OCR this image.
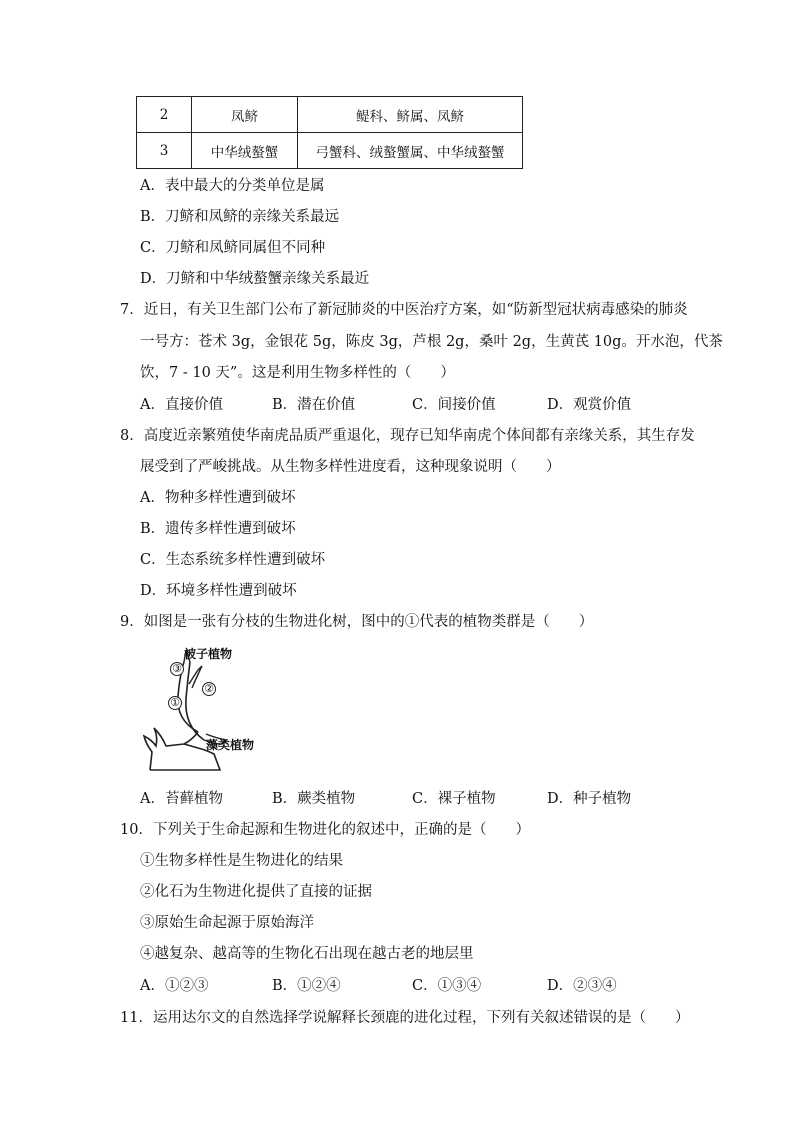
2	凤鲚	鳀科、鲚属、凤鲚
3	中华绒螯蟹	弓蟹科、绒螯蟹属、中华绒螯蟹
A．表中最大的分类单位是属
B．刀鲚和凤鲚的亲缘关系最远
C．刀鲚和凤鲚同属但不同种
D．刀鲚和中华绒螯蟹亲缘关系最近
7．近日，有关卫生部门公布了新冠肺炎的中医治疗方案，如“防新型冠状病毒感染的肺炎
一号方：苍术 3g，金银花 5g，陈皮 3g，芦根 2g，桑叶 2g，生黄芪 10g。开水泡，代茶
饮，7 - 10 天”。这是利用生物多样性的（　　）
A．直接价值	B．潜在价值	C．间接价值	D．观赏价值
8．高度近亲繁殖使华南虎品质严重退化，现存已知华南虎个体间都有亲缘关系，其生存发
展受到了严峻挑战。从生物多样性进度看，这种现象说明（　　）
A．物种多样性遭到破坏
B．遗传多样性遭到破坏
C．生态系统多样性遭到破坏
D．环境多样性遭到破坏
9．如图是一张有分枝的生物进化树，图中的①代表的植物类群是（　　）
被子植物
藻类植物
③
②
①
A．苔藓植物	B．蕨类植物	C．裸子植物	D．种子植物
10．下列关于生命起源和生物进化的叙述中，正确的是（　　）
①生物多样性是生物进化的结果
②化石为生物进化提供了直接的证据
③原始生命起源于原始海洋
④越复杂、越高等的生物化石出现在越古老的地层里
A．①②③	B．①②④	C．①③④	D．②③④
11．运用达尔文的自然选择学说解释长颈鹿的进化过程，下列有关叙述错误的是（　　）
